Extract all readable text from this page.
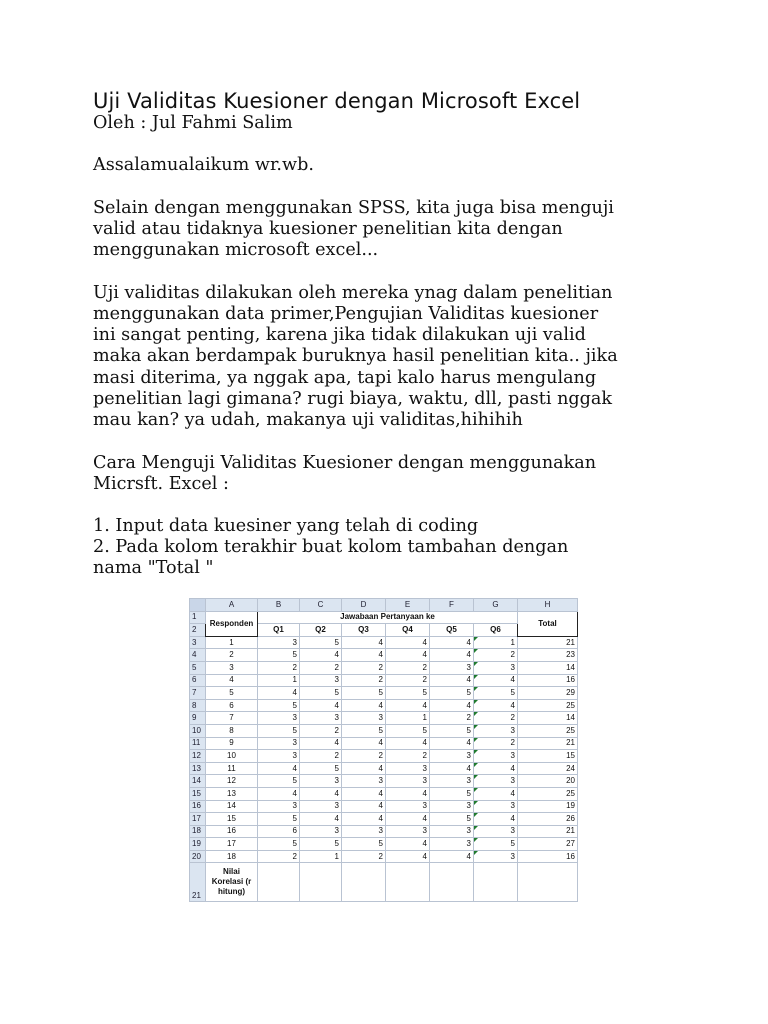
Uji Validitas Kuesioner dengan Microsoft Excel

Oleh : Jul Fahmi Salim

Assalamualaikum wr.wb.

Selain dengan menggunakan SPSS, kita juga bisa menguji

valid atau tidaknya kuesioner penelitian kita dengan

menggunakan microsoft excel...

Uji validitas dilakukan oleh mereka ynag dalam penelitian

menggunakan data primer,Pengujian Validitas kuesioner

ini sangat penting, karena jika tidak dilakukan uji valid

maka akan berdampak buruknya hasil penelitian kita.. jika

masi diterima, ya nggak apa, tapi kalo harus mengulang

penelitian lagi gimana? rugi biaya, waktu, dll, pasti nggak

mau kan? ya udah, makanya uji validitas,hihihih

Cara Menguji Validitas Kuesioner dengan menggunakan

Micrsft. Excel :

1. Input data kuesiner yang telah di coding

2. Pada kolom terakhir buat kolom tambahan dengan

nama "Total "

	A	B	C	D	E	F	G	H
1	Responden	Jawabaan Pertanyaan ke						Total
2		Q1	Q2	Q3	Q4	Q5	Q6	
3	1	3	5	4	4	4	1	21
4	2	5	4	4	4	4	2	23
5	3	2	2	2	2	3	3	14
6	4	1	3	2	2	4	4	16
7	5	4	5	5	5	5	5	29
8	6	5	4	4	4	4	4	25
9	7	3	3	3	1	2	2	14
10	8	5	2	5	5	5	3	25
11	9	3	4	4	4	4	2	21
12	10	3	2	2	2	3	3	15
13	11	4	5	4	3	4	4	24
14	12	5	3	3	3	3	3	20
15	13	4	4	4	4	5	4	25
16	14	3	3	4	3	3	3	19
17	15	5	4	4	4	5	4	26
18	16	6	3	3	3	3	3	21
19	17	5	5	5	4	3	5	27
20	18	2	1	2	4	4	3	16
21	Nilai Korelasi (r hitung)							
